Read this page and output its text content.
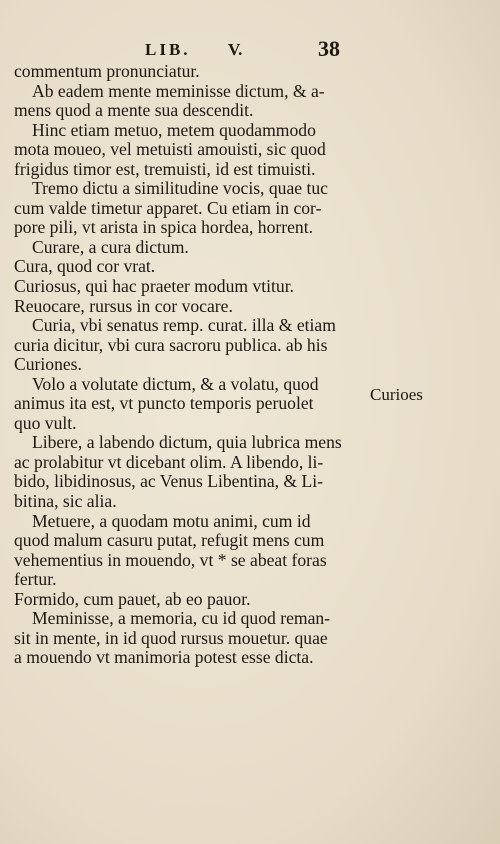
LIB. V.	38
commentum pronunciatur.
Ab eadem mente meminisse dictum, & a-
mens quod a mente sua descendit.
Hinc etiam metuo, metem quodammodo
mota moueo, vel metuisti amouisti, sic quod
frigidus timor est, tremuisti, id est timuisti.
Tremo dictu a similitudine vocis, quae tuc
cum valde timetur apparet. Cu etiam in cor-
pore pili, vt arista in spica hordea, horrent.
Curare, a cura dictum.
Cura, quod cor vrat.
Curiosus, qui hac praeter modum vtitur.
Reuocare, rursus in cor vocare.
Curia, vbi senatus remp. curat. illa & etiam
curia dicitur, vbi cura sacroru publica. ab his
Curiones.
Volo a volutate dictum, & a volatu, quod
animus ita est, vt puncto temporis peruolet
quo vult.
Libere, a labendo dictum, quia lubrica mens
ac prolabitur vt dicebant olim. A libendo, li-
bido, libidinosus, ac Venus Libentina, & Li-
bitina, sic alia.
Metuere, a quodam motu animi, cum id
quod malum casuru putat, refugit mens cum
vehementius in mouendo, vt * se abeat foras
fertur.
Formido, cum pauet, ab eo pauor.
Meminisse, a memoria, cu id quod reman-
sit in mente, in id quod rursus mouetur. quae
a mouendo vt manimoria potest esse dicta.
Curioes
